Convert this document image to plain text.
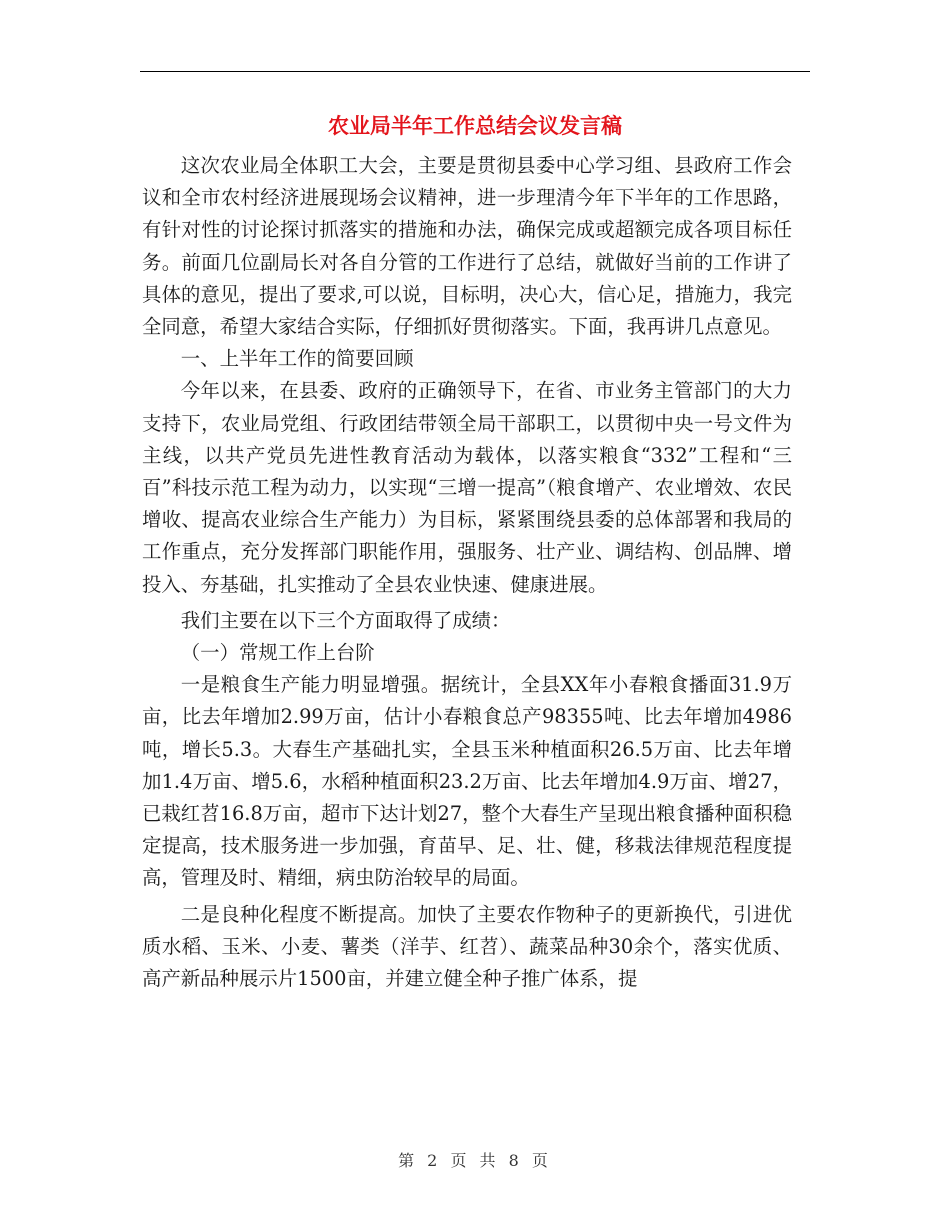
农业局半年工作总结会议发言稿

这次农业局全体职工大会，主要是贯彻县委中心学习组、县政府工作会议和全市农村经济进展现场会议精神，进一步理清今年下半年的工作思路，有针对性的讨论探讨抓落实的措施和办法，确保完成或超额完成各项目标任务。前面几位副局长对各自分管的工作进行了总结，就做好当前的工作讲了具体的意见，提出了要求,可以说，目标明，决心大，信心足，措施力，我完全同意，希望大家结合实际，仔细抓好贯彻落实。下面，我再讲几点意见。

一、上半年工作的简要回顾

今年以来，在县委、政府的正确领导下，在省、市业务主管部门的大力支持下，农业局党组、行政团结带领全局干部职工，以贯彻中央一号文件为主线，以共产党员先进性教育活动为载体，以落实粮食“332”工程和“三百”科技示范工程为动力，以实现“三增一提高”（粮食增产、农业增效、农民增收、提高农业综合生产能力）为目标，紧紧围绕县委的总体部署和我局的工作重点，充分发挥部门职能作用，强服务、壮产业、调结构、创品牌、增投入、夯基础，扎实推动了全县农业快速、健康进展。

我们主要在以下三个方面取得了成绩：

（一）常规工作上台阶

一是粮食生产能力明显增强。据统计，全县XX年小春粮食播面31.9万亩，比去年增加2.99万亩，估计小春粮食总产98355吨、比去年增加4986吨，增长5.3。大春生产基础扎实，全县玉米种植面积26.5万亩、比去年增加1.4万亩、增5.6，水稻种植面积23.2万亩、比去年增加4.9万亩、增27，已栽红苕16.8万亩，超市下达计划27，整个大春生产呈现出粮食播种面积稳定提高，技术服务进一步加强，育苗早、足、壮、健，移栽法律规范程度提高，管理及时、精细，病虫防治较早的局面。

二是良种化程度不断提高。加快了主要农作物种子的更新换代，引进优质水稻、玉米、小麦、薯类（洋芋、红苕）、蔬菜品种30余个，落实优质、高产新品种展示片1500亩，并建立健全种子推广体系，提

第 2 页 共 8 页
